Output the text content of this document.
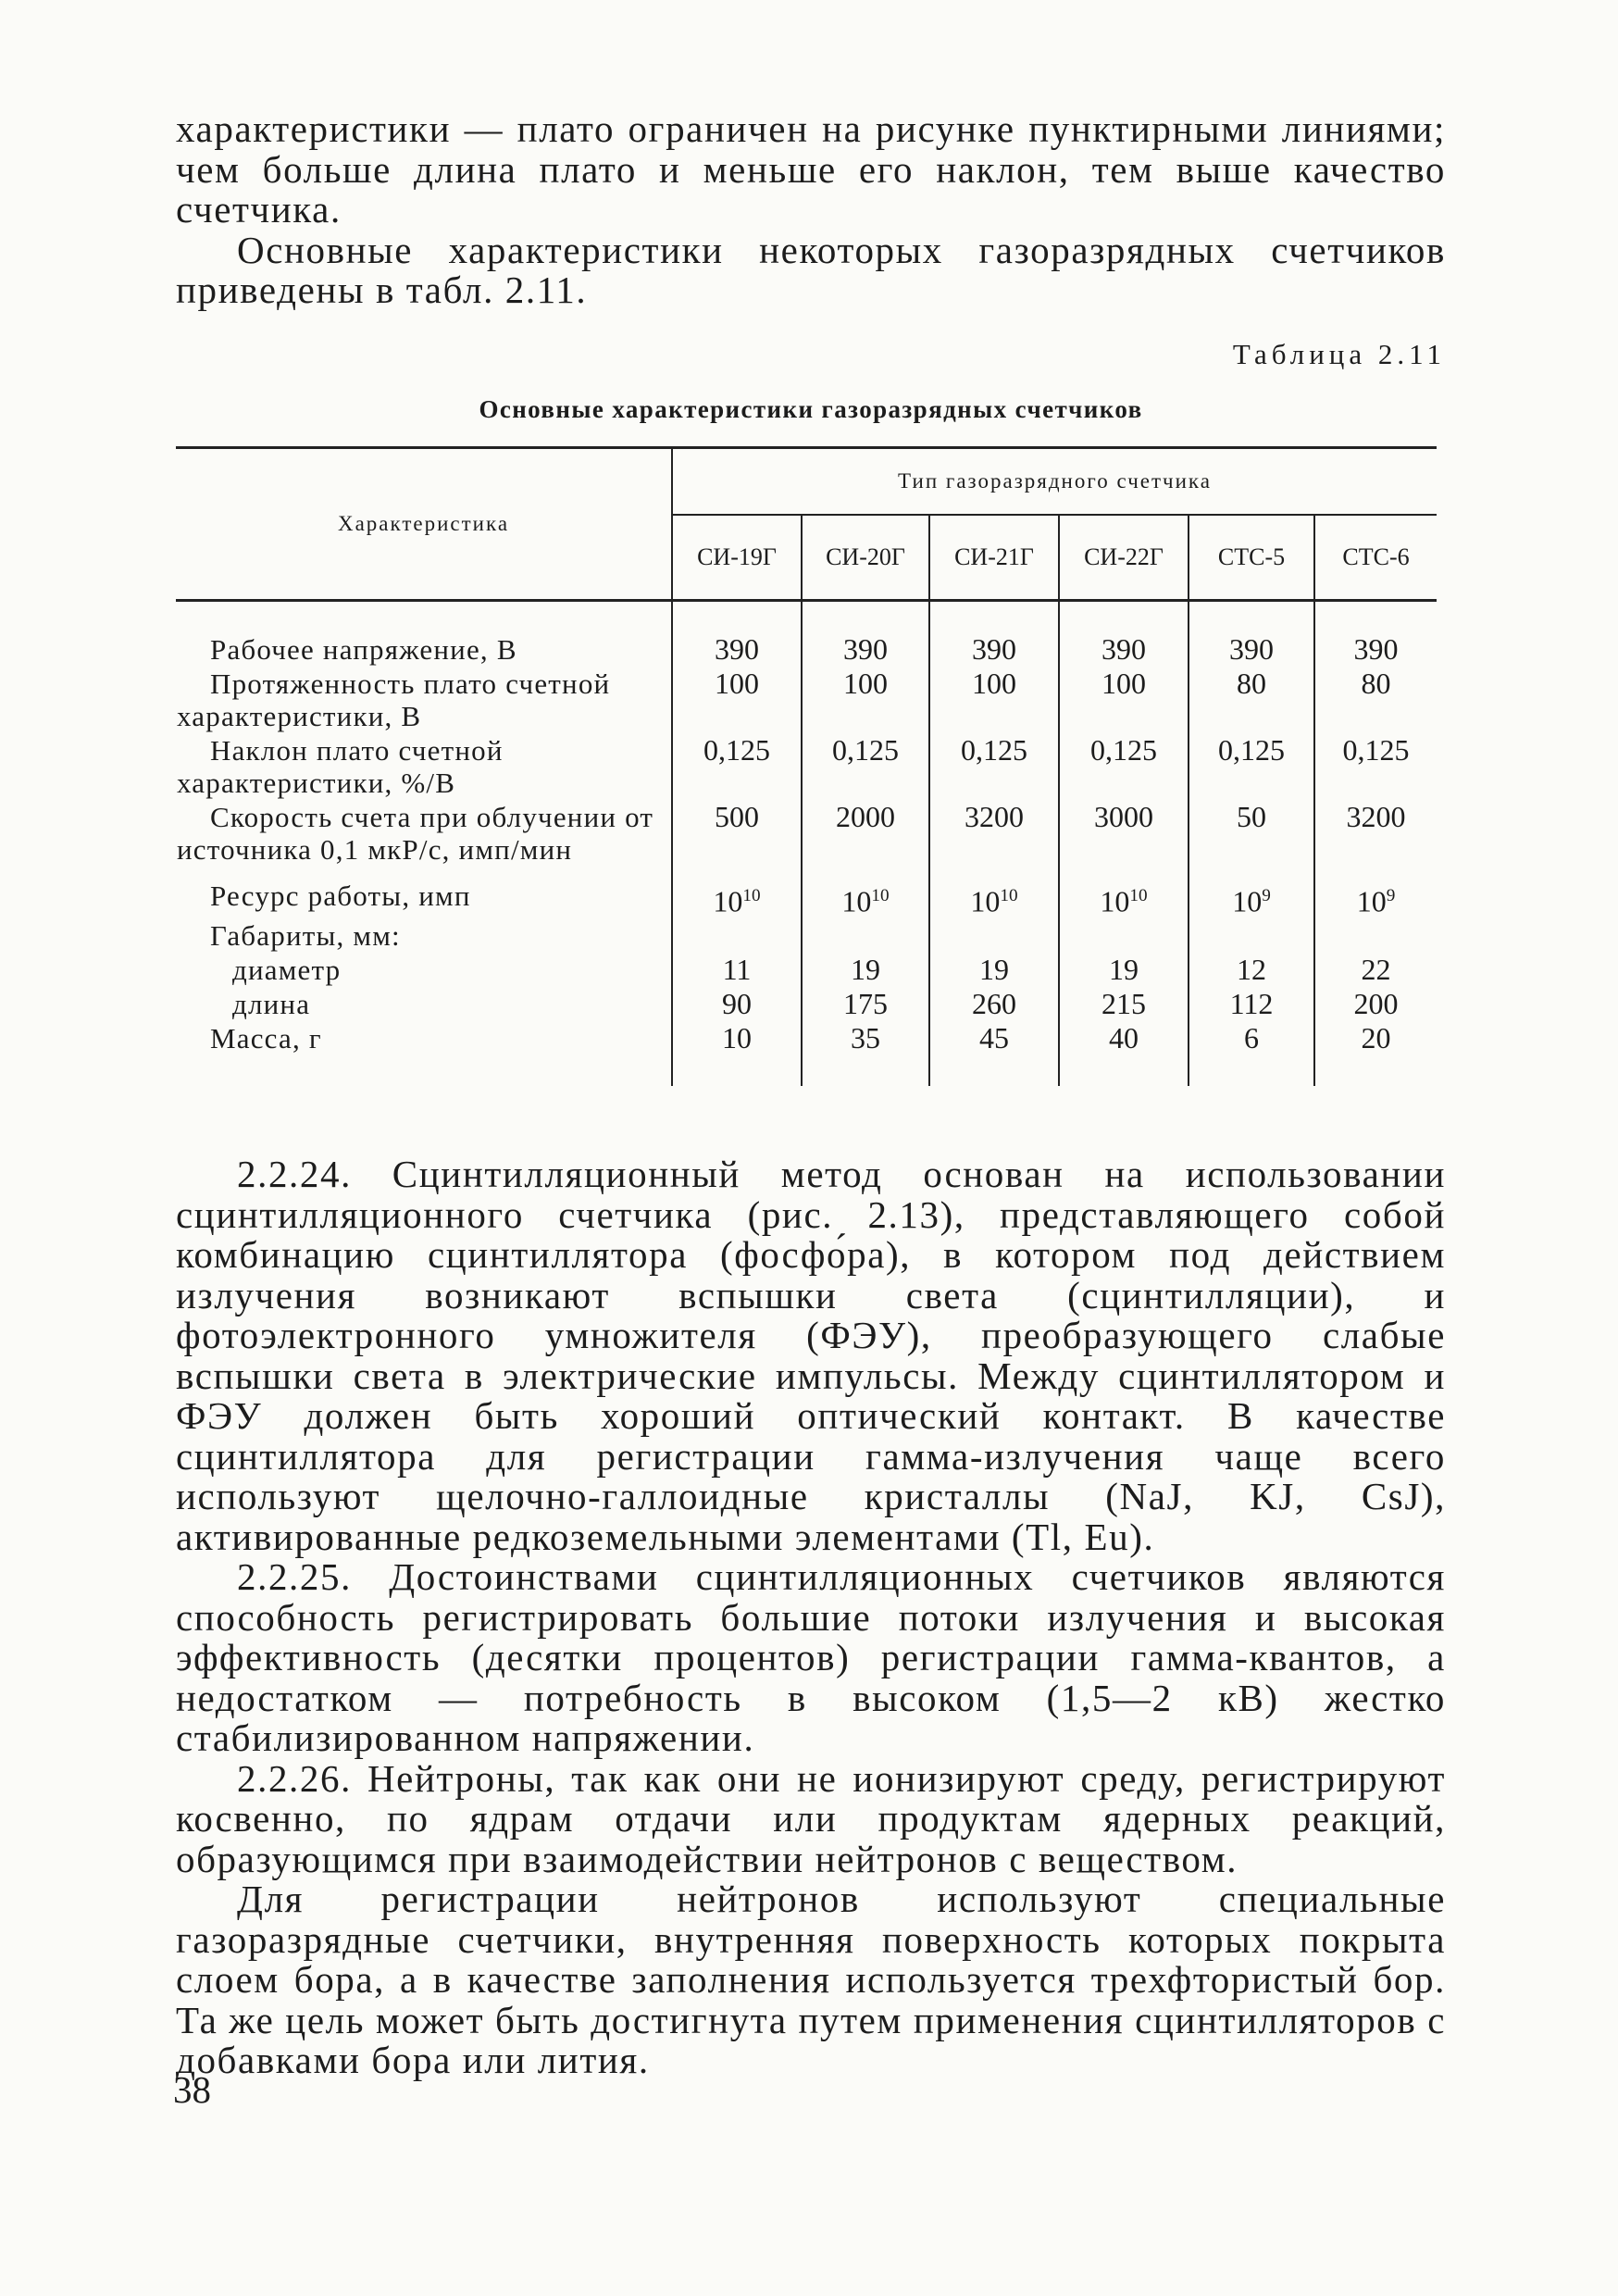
характеристики — плато ограничен на рисунке пунктирными линиями; чем больше длина плато и меньше его наклон, тем выше качество счетчика.

Основные характеристики некоторых газоразрядных счетчиков приведены в табл. 2.11.

Таблица 2.11
Основные характеристики газоразрядных счетчиков
Характеристика	Тип газоразрядного счетчика					
	СИ-19Г	СИ-20Г	СИ-21Г	СИ-22Г	СТС-5	СТС-6
Рабочее напряжение, В	390	390	390	390	390	390
Протяженность плато счетной характеристики, В	100	100	100	100	80	80
Наклон плато счетной характеристики, %/В	0,125	0,125	0,125	0,125	0,125	0,125
Скорость счета при облучении от источника 0,1 мкР/с, имп/мин	500	2000	3200	3000	50	3200
Ресурс работы, имп	$10^{10}$	$10^{10}$	$10^{10}$	$10^{10}$	$10^9$	$10^9$
Габариты, мм:						
диаметр	11	19	19	19	12	22
длина	90	175	260	215	112	200
Масса, г	10	35	45	40	6	20

2.2.24. Сцинтилляционный метод основан на использовании сцинтилляционного счетчика (рис. 2.13), представляющего собой комбинацию сцинтиллятора (фосфо́ра), в котором под действием излучения возникают вспышки света (сцинтилляции), и фотоэлектронного умножителя (ФЭУ), преобразующего слабые вспышки света в электрические импульсы. Между сцинтиллятором и ФЭУ должен быть хороший оптический контакт. В качестве сцинтиллятора для регистрации гамма-излучения чаще всего используют щелочно-галлоидные кристаллы (NaJ, KJ, CsJ), активированные редкоземельными элементами (Tl, Eu).

2.2.25. Достоинствами сцинтилляционных счетчиков являются способность регистрировать большие потоки излучения и высокая эффективность (десятки процентов) регистрации гамма-квантов, а недостатком — потребность в высоком (1,5—2 кВ) жестко стабилизированном напряжении.

2.2.26. Нейтроны, так как они не ионизируют среду, регистрируют косвенно, по ядрам отдачи или продуктам ядерных реакций, образующимся при взаимодействии нейтронов с веществом.

Для регистрации нейтронов используют специальные газоразрядные счетчики, внутренняя поверхность которых покрыта слоем бора, а в качестве заполнения используется трехфтористый бор. Та же цель может быть достигнута путем применения сцинтилляторов с добавками бора или лития.

38
